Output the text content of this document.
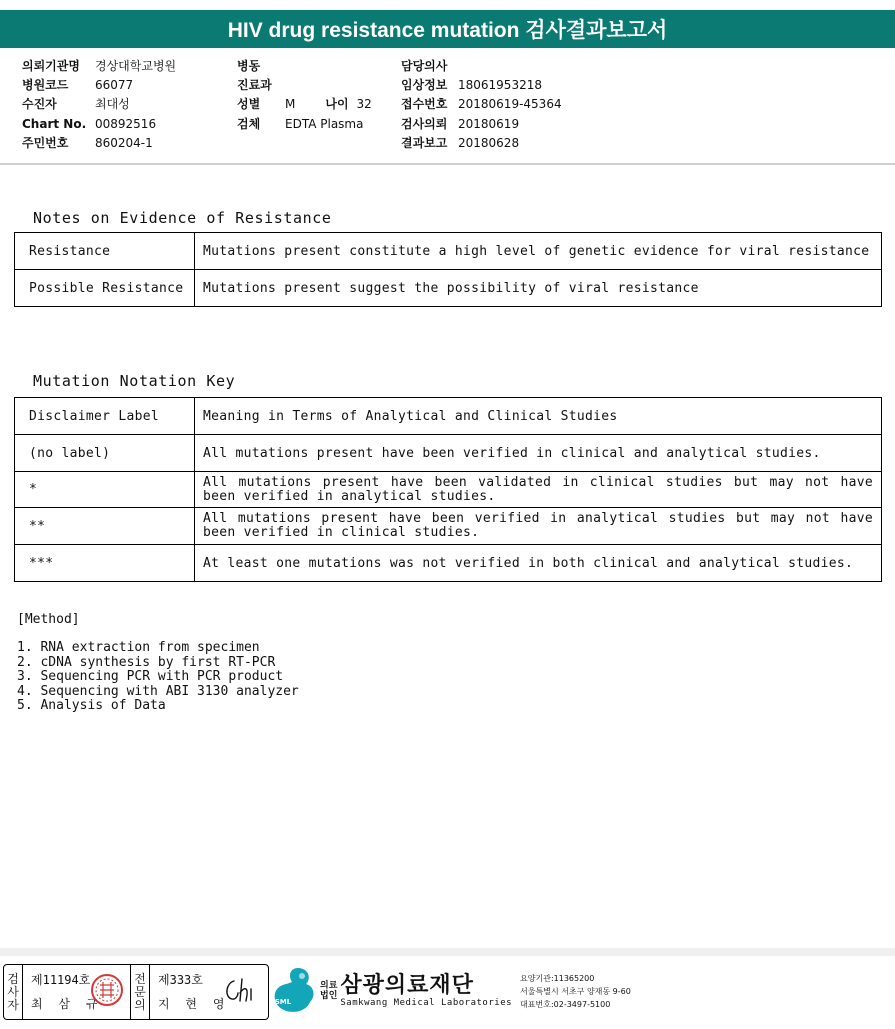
HIV drug resistance mutation 검사결과보고서
의뢰기관명	경상대학교병원
병원코드	66077
수진자	최대성
Chart No. 00892516
주민번호	860204-1
병동
진료과
성별	M	나이 32
검체	EDTA Plasma
담당의사
임상정보 18061953218
접수번호 20180619-45364
검사의뢰 20180619
결과보고 20180628
Notes on Evidence of Resistance
Resistance	Mutations present constitute a high level of genetic evidence for viral resistance
Possible Resistance	Mutations present suggest the possibility of viral resistance
Mutation Notation Key
Disclaimer Label	Meaning in Terms of Analytical and Clinical Studies
(no label)	All mutations present have been verified in clinical and analytical studies.
*	All mutations present have been validated in clinical studies but may not have been verified in analytical studies.
**	All mutations present have been verified in analytical studies but may not have been verified in clinical studies.
***	At least one mutations was not verified in both clinical and analytical studies.
[Method]
1. RNA extraction from specimen
2. cDNA synthesis by first RT-PCR
3. Sequencing PCR with PCR product
4. Sequencing with ABI 3130 analyzer
5. Analysis of Data
검
사
자
제11194호
최 삼 규
전
문
의
제333호
지 현 영
의료
법인 삼광의료재단
Samkwang Medical Laboratories
요양기관:11365200
서울특별시 서초구 양재동 9-60
대표번호:02-3497-5100
SML
